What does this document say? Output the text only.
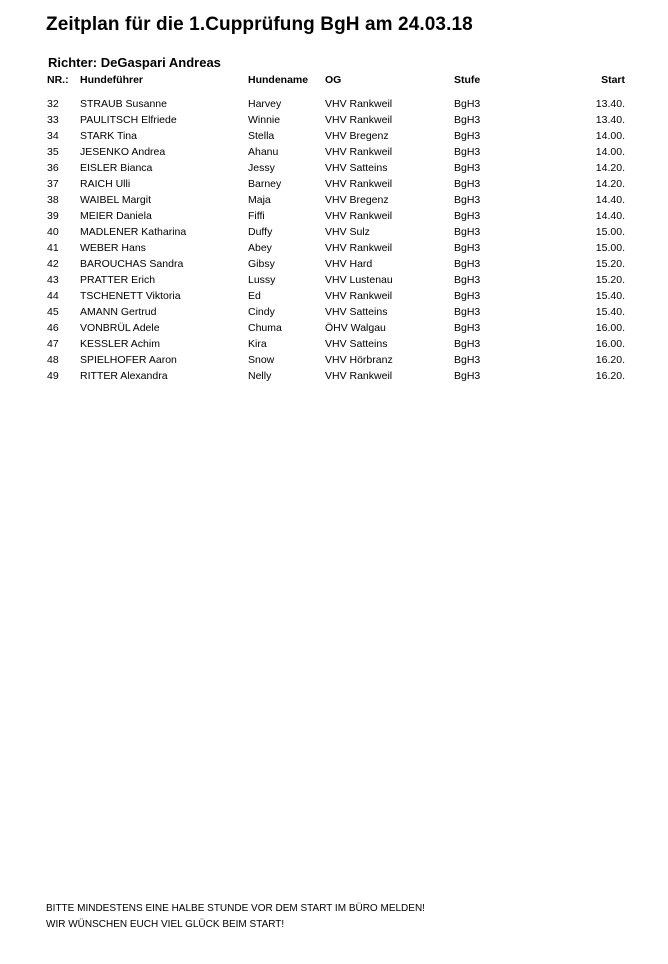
Zeitplan für die 1.Cupprüfung BgH am 24.03.18
Richter: DeGaspari Andreas
NR.:	Hundeführer	Hundename	OG	Stufe	Start

32	STRAUB Susanne	Harvey	VHV Rankweil	BgH3	13.40.
33	PAULITSCH Elfriede	Winnie	VHV Rankweil	BgH3	13.40.
34	STARK Tina	Stella	VHV Bregenz	BgH3	14.00.
35	JESENKO Andrea	Ahanu	VHV Rankweil	BgH3	14.00.
36	EISLER Bianca	Jessy	VHV Satteins	BgH3	14.20.
37	RAICH Ulli	Barney	VHV Rankweil	BgH3	14.20.
38	WAIBEL Margit	Maja	VHV Bregenz	BgH3	14.40.
39	MEIER Daniela	Fiffi	VHV Rankweil	BgH3	14.40.
40	MADLENER Katharina	Duffy	VHV Sulz	BgH3	15.00.
41	WEBER Hans	Abey	VHV Rankweil	BgH3	15.00.
42	BAROUCHAS Sandra	Gibsy	VHV Hard	BgH3	15.20.
43	PRATTER Erich	Lussy	VHV Lustenau	BgH3	15.20.
44	TSCHENETT Viktoria	Ed	VHV Rankweil	BgH3	15.40.
45	AMANN Gertrud	Cindy	VHV Satteins	BgH3	15.40.
46	VONBRÜL Adele	Chuma	ÖHV Walgau	BgH3	16.00.
47	KESSLER Achim	Kira	VHV Satteins	BgH3	16.00.
48	SPIELHOFER Aaron	Snow	VHV Hörbranz	BgH3	16.20.
49	RITTER Alexandra	Nelly	VHV Rankweil	BgH3	16.20.
BITTE MINDESTENS EINE HALBE STUNDE VOR DEM START IM BÜRO MELDEN!
WIR WÜNSCHEN EUCH VIEL GLÜCK BEIM START!
